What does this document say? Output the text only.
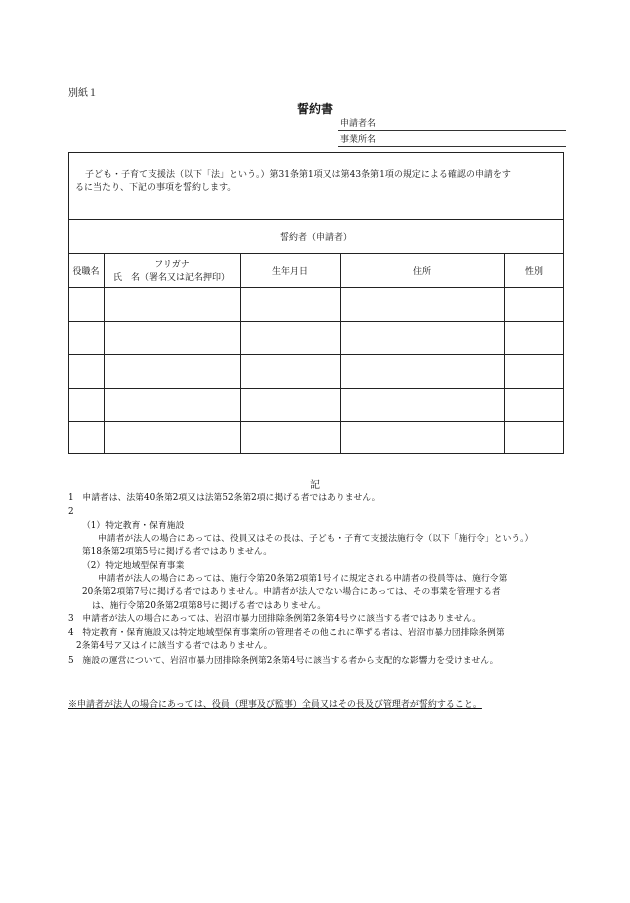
別紙１
誓約書
申請者名
事業所名
子ども・子育て支援法（以下「法」という。）第31条第1項又は第43条第1項の規定による確認の申請をす
るに当たり、下記の事項を誓約します。
誓約者（申請者）
役職名
フリガナ
氏　名（署名又は記名押印）
生年月日	住所	性別
記
1　申請者は、法第40条第2項又は法第52条第2項に掲げる者ではありません。
2
（1）特定教育・保育施設
申請者が法人の場合にあっては、役員又はその長は、子ども・子育て支援法施行令（以下「施行令」という。）
第18条第2項第5号に掲げる者ではありません。
（2）特定地域型保育事業
申請者が法人の場合にあっては、施行令第20条第2項第1号イに規定される申請者の役員等は、施行令第
20条第2項第7号に掲げる者ではありません。申請者が法人でない場合にあっては、その事業を管理する者
は、施行令第20条第2項第8号に掲げる者ではありません。
3　申請者が法人の場合にあっては、岩沼市暴力団排除条例第2条第4号ウに該当する者ではありません。
4　特定教育・保育施設又は特定地域型保育事業所の管理者その他これに準ずる者は、岩沼市暴力団排除条例第
2条第4号ア又はイに該当する者ではありません。
5　施設の運営について、岩沼市暴力団排除条例第2条第4号に該当する者から支配的な影響力を受けません。
※申請者が法人の場合にあっては、役員（理事及び監事）全員又はその長及び管理者が誓約すること。
